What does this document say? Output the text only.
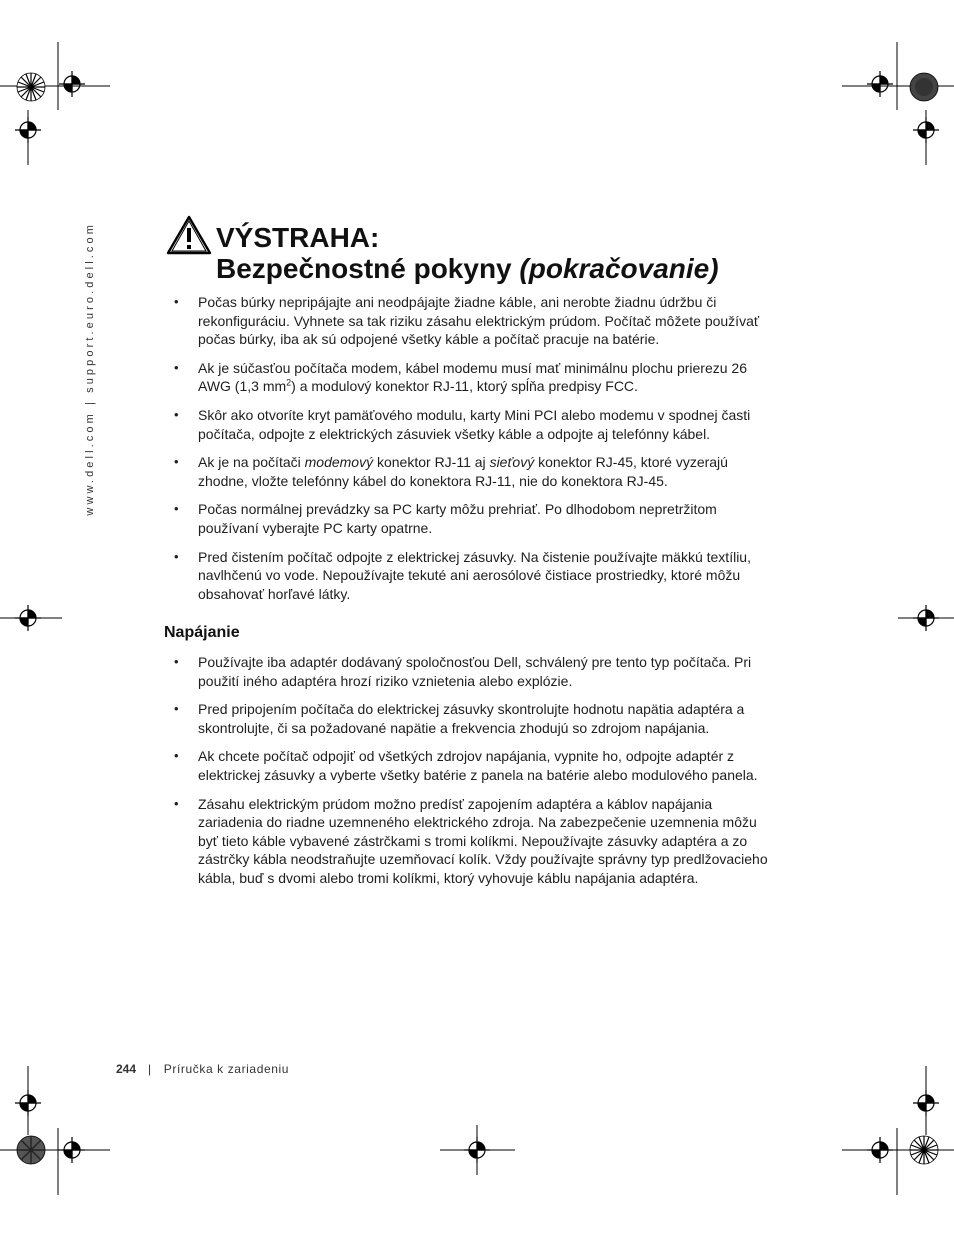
www.dell.com | support.euro.dell.com	VÝSTRAHA:
Bezpečnostné pokyny (pokračovanie)
• Počas búrky nepripájajte ani neodpájajte žiadne káble, ani nerobte žiadnu údržbu či rekonfiguráciu. Vyhnete sa tak riziku zásahu elektrickým prúdom. Počítač môžete používať počas búrky, iba ak sú odpojené všetky káble a počítač pracuje na batérie.
• Ak je súčasťou počítača modem, kábel modemu musí mať minimálnu plochu prierezu 26 AWG (1,3 $mm^2$) a modulový konektor RJ-11, ktorý spĺňa predpisy FCC.
• Skôr ako otvoríte kryt pamäťového modulu, karty Mini PCI alebo modemu v spodnej časti počítača, odpojte z elektrických zásuviek všetky káble a odpojte aj telefónny kábel.
• Ak je na počítači modemový konektor RJ-11 aj sieťový konektor RJ-45, ktoré vyzerajú zhodne, vložte telefónny kábel do konektora RJ-11, nie do konektora RJ-45.
• Počas normálnej prevádzky sa PC karty môžu prehriať. Po dlhodobom nepretržitom používaní vyberajte PC karty opatrne.
• Pred čistením počítač odpojte z elektrickej zásuvky. Na čistenie používajte mäkkú textíliu, navlhčenú vo vode. Nepoužívajte tekuté ani aerosólové čistiace prostriedky, ktoré môžu obsahovať horľavé látky.
Napájanie
• Používajte iba adaptér dodávaný spoločnosťou Dell, schválený pre tento typ počítača. Pri použití iného adaptéra hrozí riziko vznietenia alebo explózie.
• Pred pripojením počítača do elektrickej zásuvky skontrolujte hodnotu napätia adaptéra a skontrolujte, či sa požadované napätie a frekvencia zhodujú so zdrojom napájania.
• Ak chcete počítač odpojiť od všetkých zdrojov napájania, vypnite ho, odpojte adaptér z elektrickej zásuvky a vyberte všetky batérie z panela na batérie alebo modulového panela.
• Zásahu elektrickým prúdom možno predísť zapojením adaptéra a káblov napájania zariadenia do riadne uzemneného elektrického zdroja. Na zabezpečenie uzemnenia môžu byť tieto káble vybavené zástrčkami s tromi kolíkmi. Nepoužívajte zásuvky adaptéra a zo zástrčky kábla neodstraňujte uzemňovací kolík. Vždy používajte správny typ predlžovacieho kábla, buď s dvomi alebo tromi kolíkmi, ktorý vyhovuje káblu napájania adaptéra.
244 | Príručka k zariadeniu
